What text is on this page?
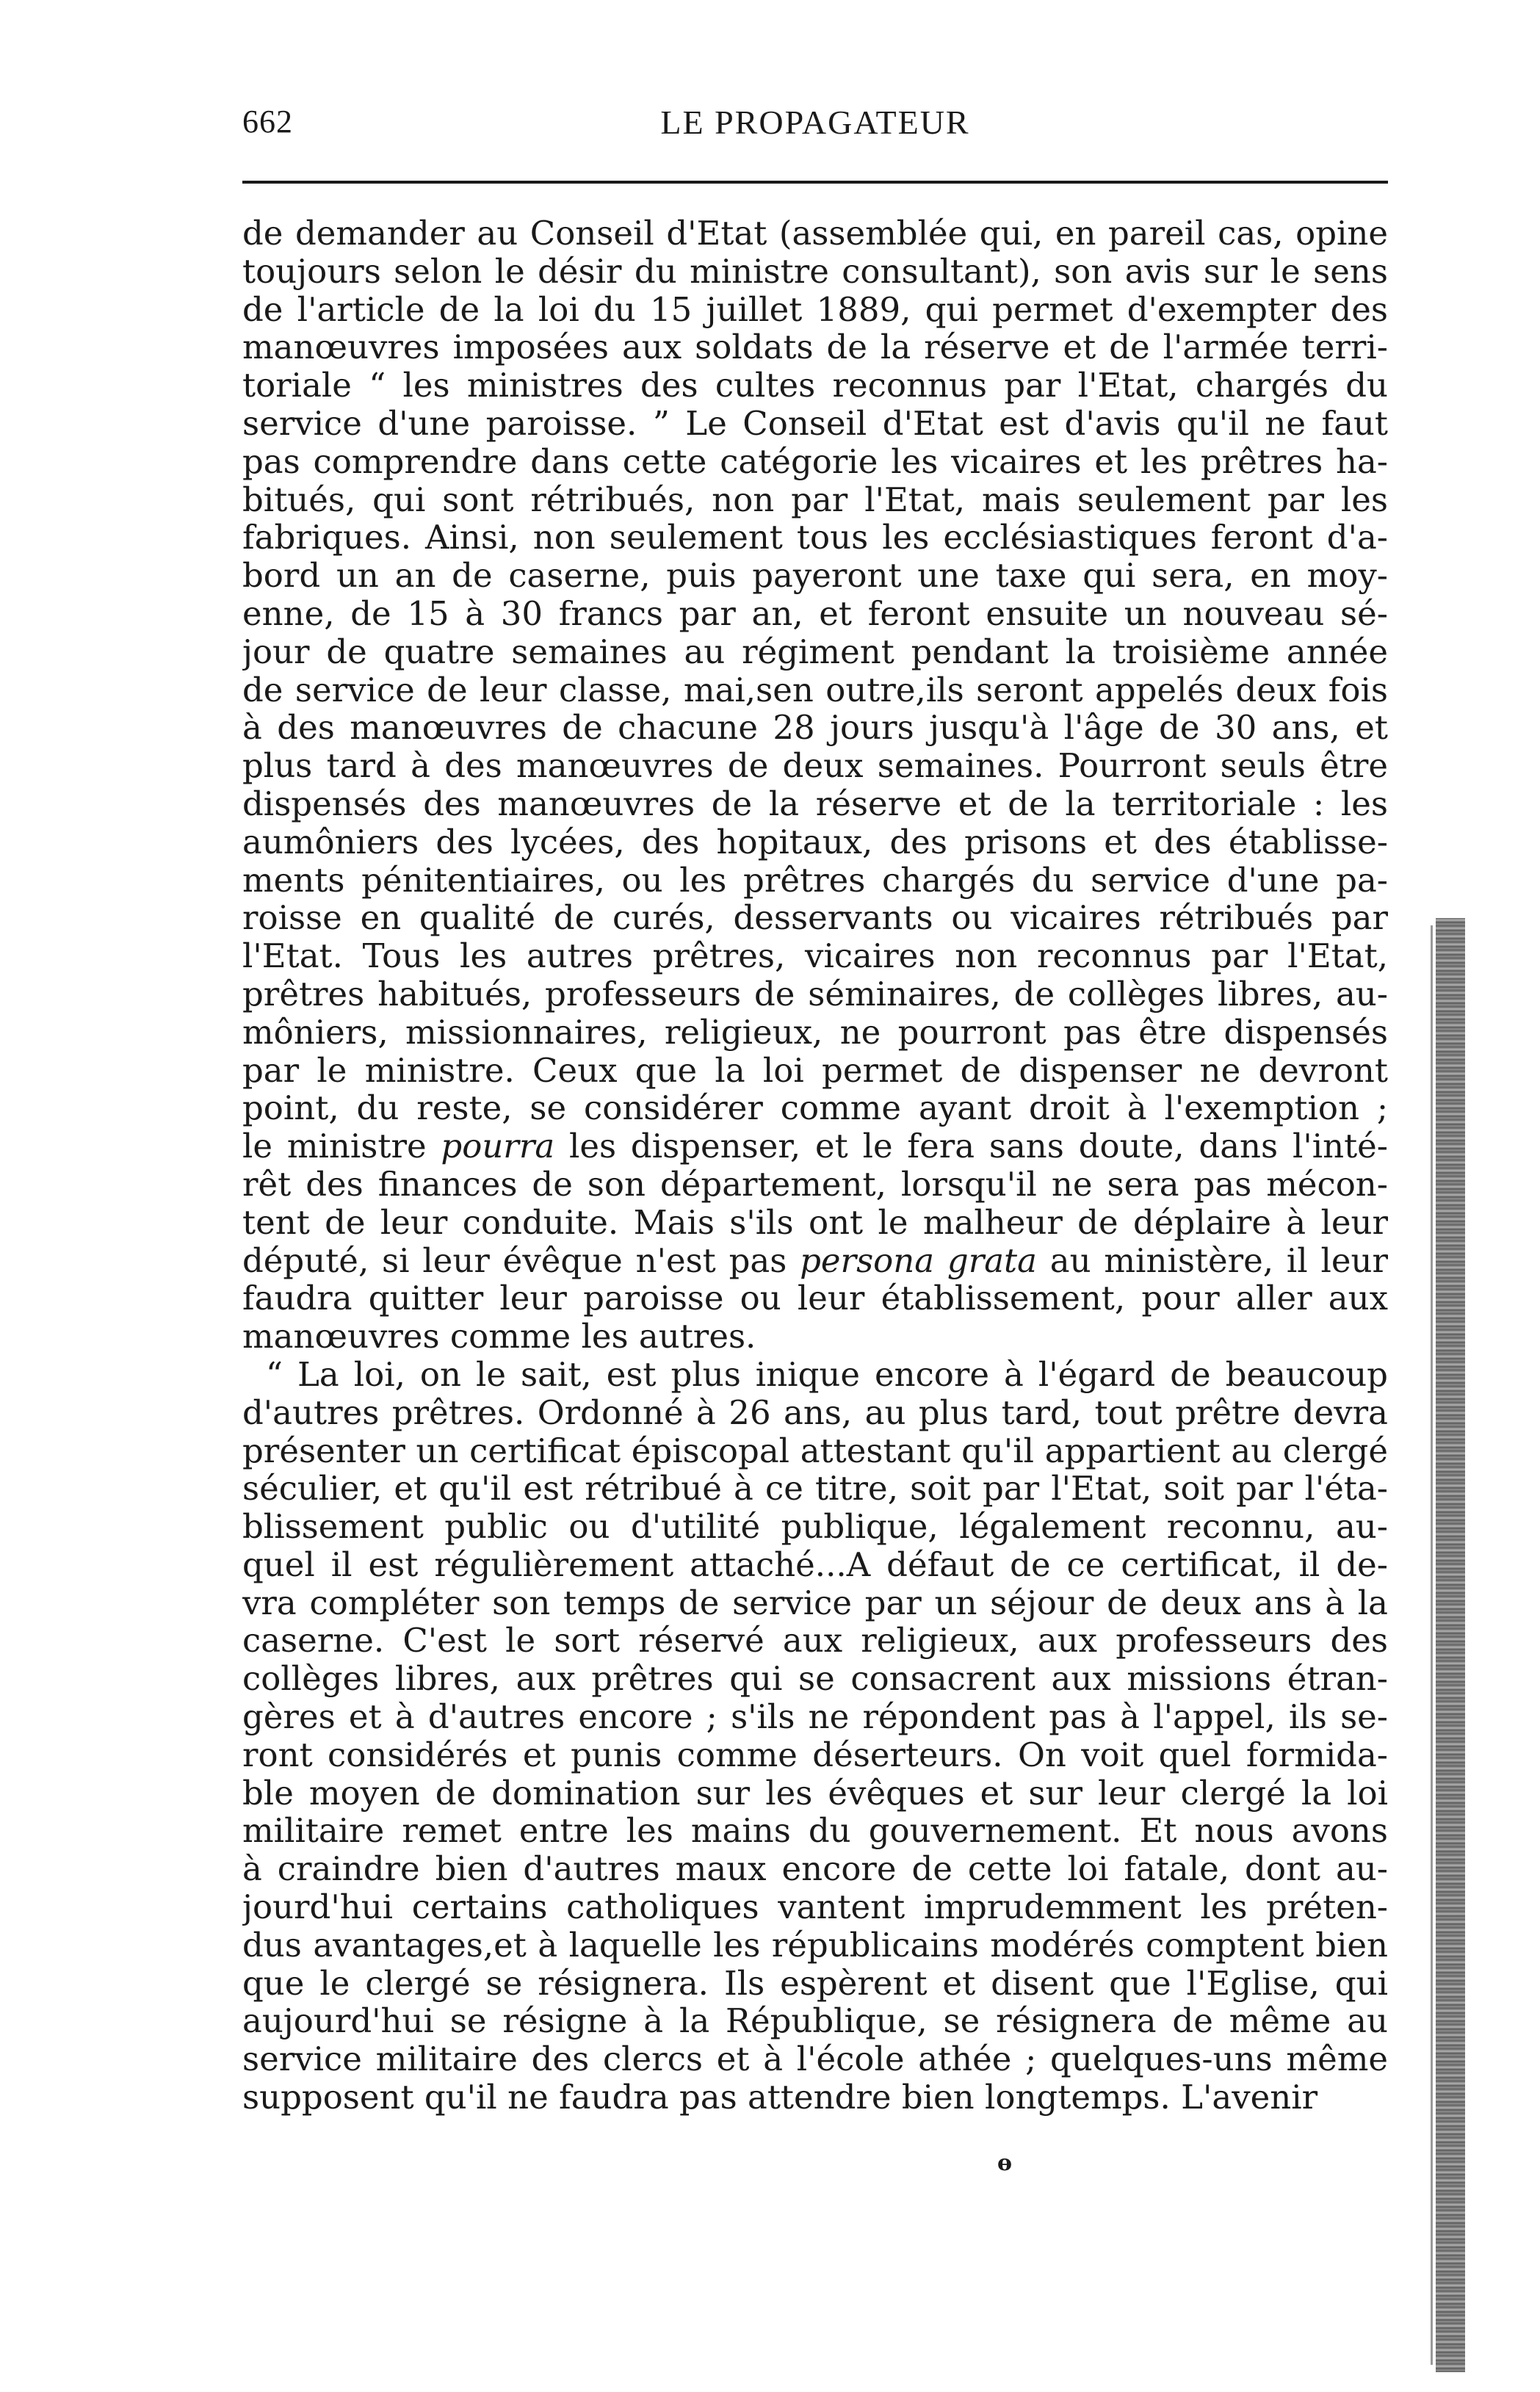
662	LE PROPAGATEUR
de demander au Conseil d'Etat (assemblée qui, en pareil cas, opine
toujours selon le désir du ministre consultant), son avis sur le sens
de l'article de la loi du 15 juillet 1889, qui permet d'exempter des
manœuvres imposées aux soldats de la réserve et de l'armée terri-
toriale “ les ministres des cultes reconnus par l'Etat, chargés du
service d'une paroisse. ” Le Conseil d'Etat est d'avis qu'il ne faut
pas comprendre dans cette catégorie les vicaires et les prêtres ha-
bitués, qui sont rétribués, non par l'Etat, mais seulement par les
fabriques. Ainsi, non seulement tous les ecclésiastiques feront d'a-
bord un an de caserne, puis payeront une taxe qui sera, en moy-
enne, de 15 à 30 francs par an, et feront ensuite un nouveau sé-
jour de quatre semaines au régiment pendant la troisième année
de service de leur classe, mai,sen outre,ils seront appelés deux fois
à des manœuvres de chacune 28 jours jusqu'à l'âge de 30 ans, et
plus tard à des manœuvres de deux semaines. Pourront seuls être
dispensés des manœuvres de la réserve et de la territoriale : les
aumôniers des lycées, des hopitaux, des prisons et des établisse-
ments pénitentiaires, ou les prêtres chargés du service d'une pa-
roisse en qualité de curés, desservants ou vicaires rétribués par
l'Etat. Tous les autres prêtres, vicaires non reconnus par l'Etat,
prêtres habitués, professeurs de séminaires, de collèges libres, au-
môniers, missionnaires, religieux, ne pourront pas être dispensés
par le ministre. Ceux que la loi permet de dispenser ne devront
point, du reste, se considérer comme ayant droit à l'exemption ;
le ministre pourra les dispenser, et le fera sans doute, dans l'inté-
rêt des finances de son département, lorsqu'il ne sera pas mécon-
tent de leur conduite. Mais s'ils ont le malheur de déplaire à leur
député, si leur évêque n'est pas persona grata au ministère, il leur
faudra quitter leur paroisse ou leur établissement, pour aller aux
manœuvres comme les autres.
“ La loi, on le sait, est plus inique encore à l'égard de beaucoup
d'autres prêtres. Ordonné à 26 ans, au plus tard, tout prêtre devra
présenter un certificat épiscopal attestant qu'il appartient au clergé
séculier, et qu'il est rétribué à ce titre, soit par l'Etat, soit par l'éta-
blissement public ou d'utilité publique, légalement reconnu, au-
quel il est régulièrement attaché...A défaut de ce certificat, il de-
vra compléter son temps de service par un séjour de deux ans à la
caserne. C'est le sort réservé aux religieux, aux professeurs des
collèges libres, aux prêtres qui se consacrent aux missions étran-
gères et à d'autres encore ; s'ils ne répondent pas à l'appel, ils se-
ront considérés et punis comme déserteurs. On voit quel formida-
ble moyen de domination sur les évêques et sur leur clergé la loi
militaire remet entre les mains du gouvernement. Et nous avons
à craindre bien d'autres maux encore de cette loi fatale, dont au-
jourd'hui certains catholiques vantent imprudemment les préten-
dus avantages,et à laquelle les républicains modérés comptent bien
que le clergé se résignera. Ils espèrent et disent que l'Eglise, qui
aujourd'hui se résigne à la République, se résignera de même au
service militaire des clercs et à l'école athée ; quelques-uns même
supposent qu'il ne faudra pas attendre bien longtemps. L'avenir
ɵ
